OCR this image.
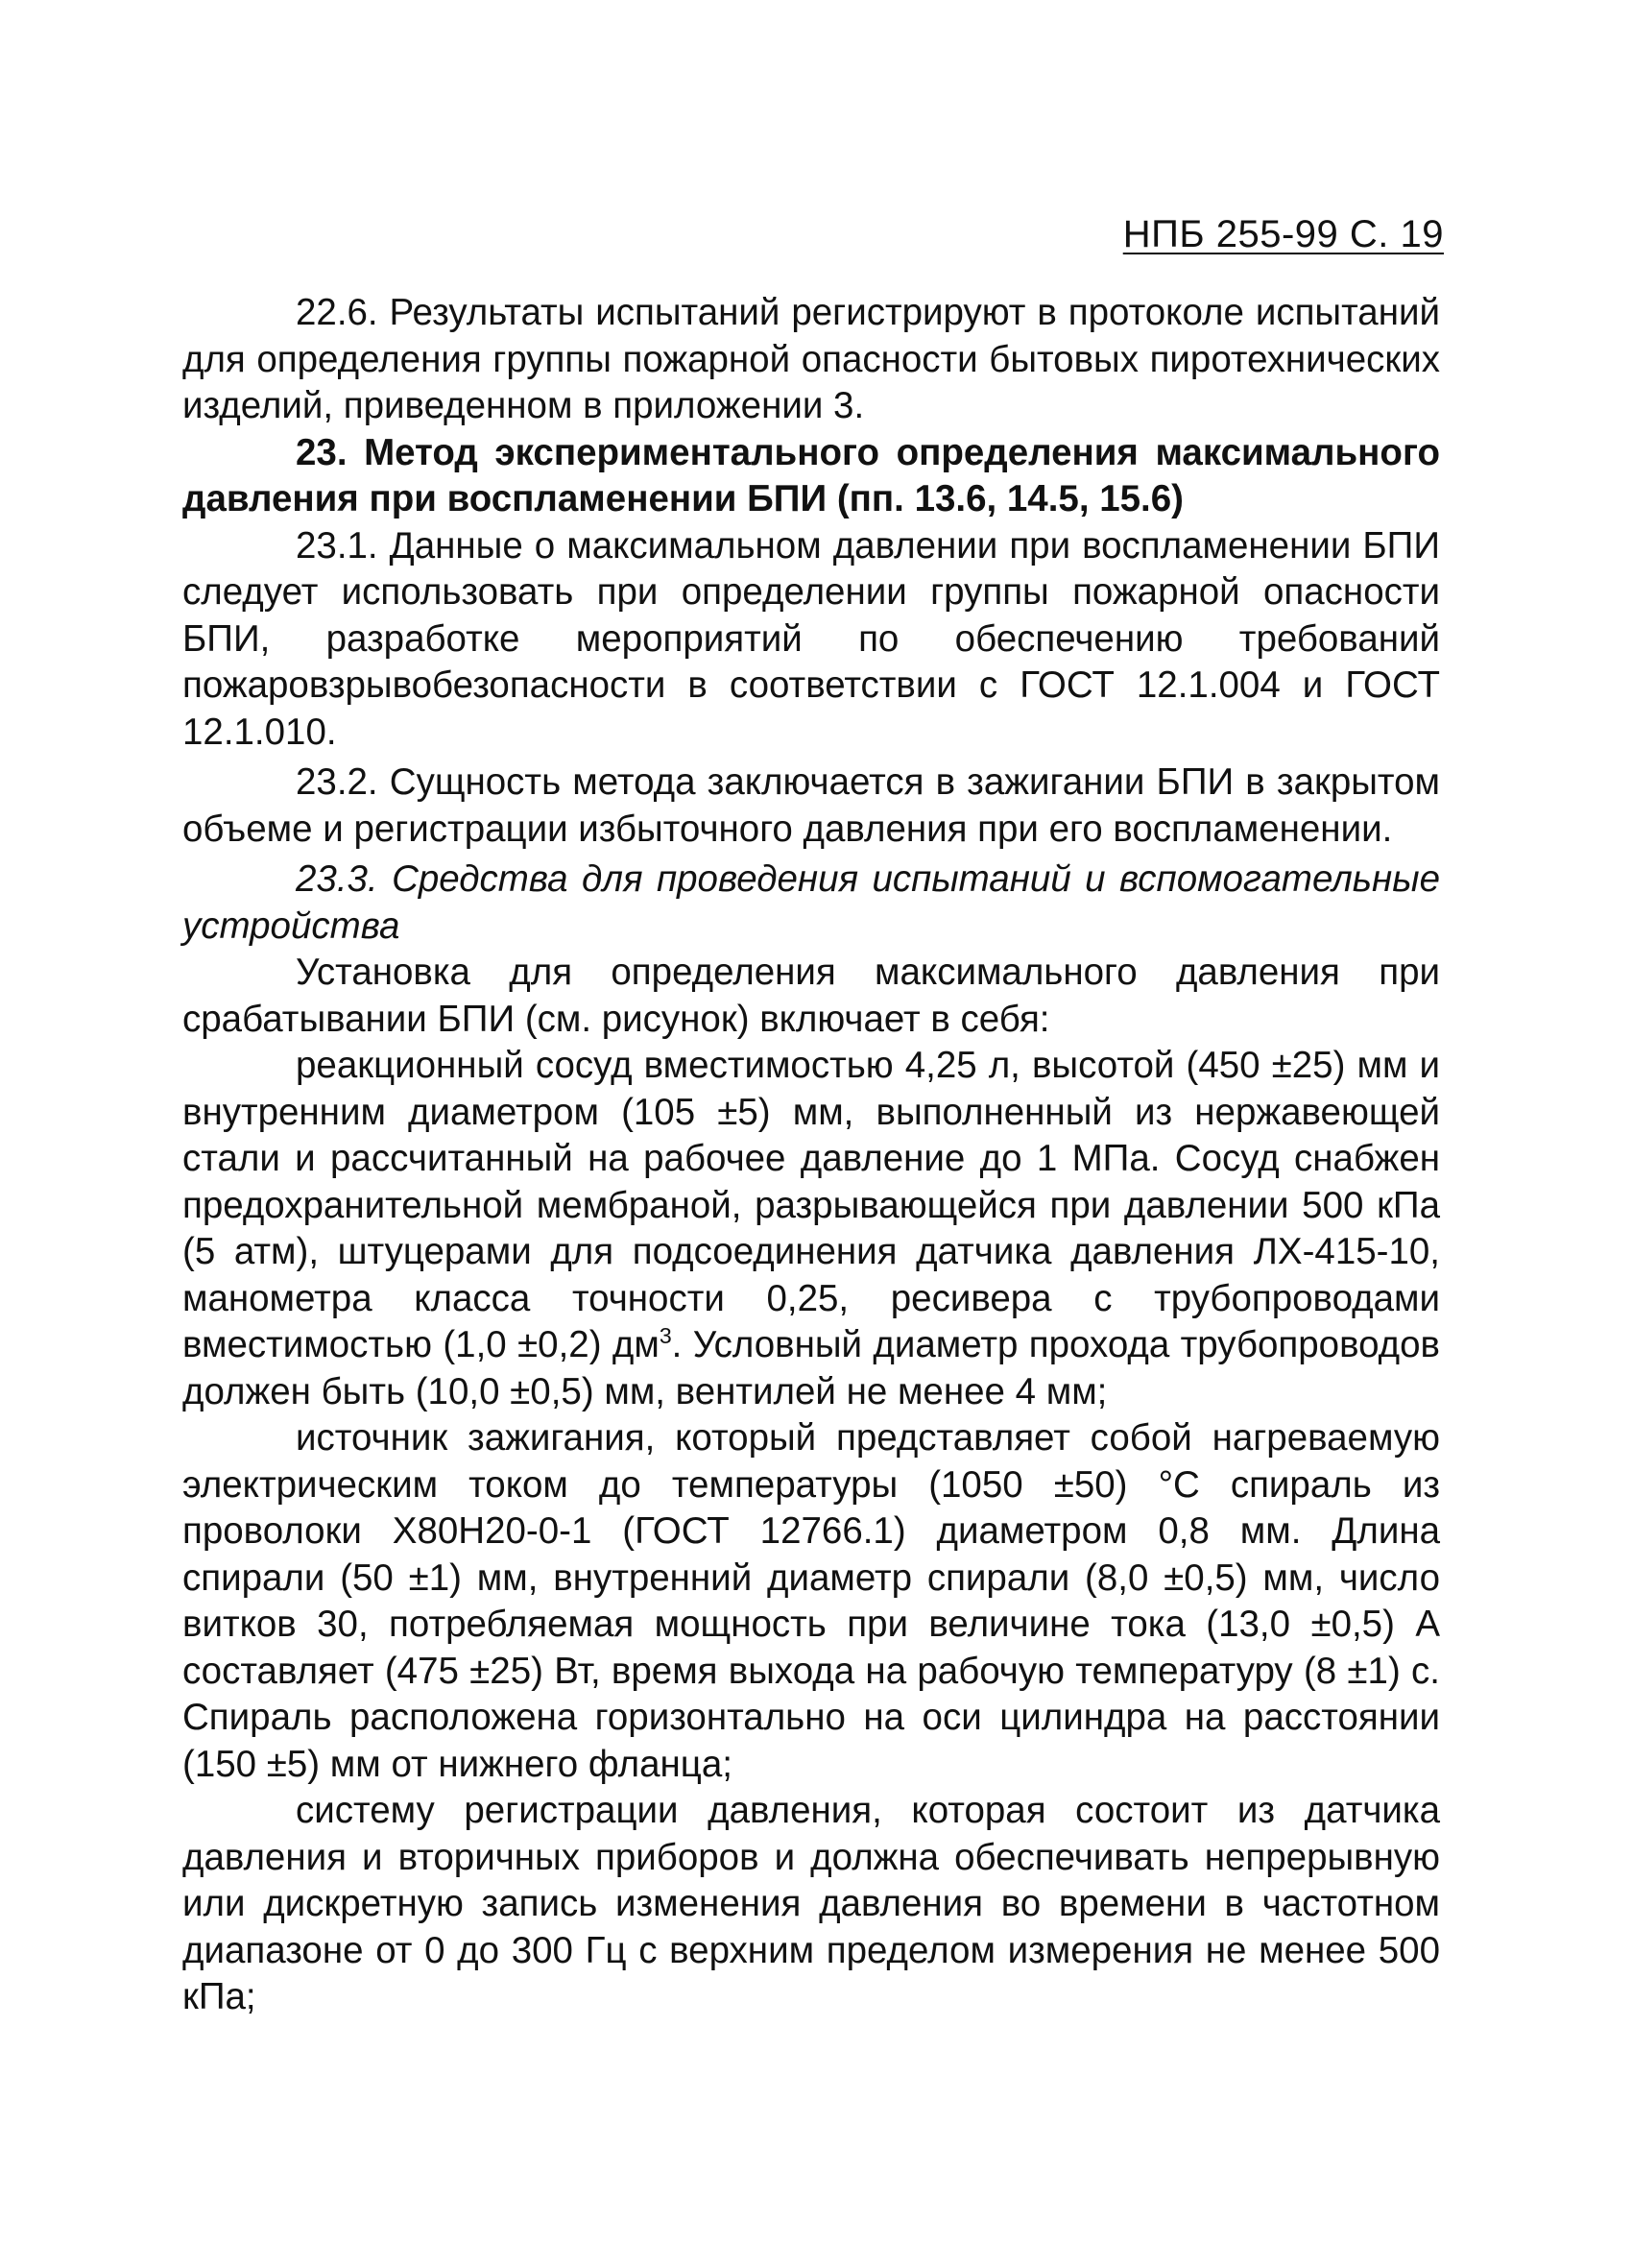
НПБ 255-99 С. 19

22.6. Результаты испытаний регистрируют в протоколе испытаний для определения группы пожарной опасности бытовых пиротехнических изделий, приведенном в приложении 3.

23. Метод экспериментального определения максимального давления при воспламенении БПИ (пп. 13.6, 14.5, 15.6)

23.1. Данные о максимальном давлении при воспламенении БПИ следует использовать при определении группы пожарной опасности БПИ, разработке мероприятий по обеспечению требований пожаровзрывобезопасности в соответствии с ГОСТ 12.1.004 и ГОСТ 12.1.010.

23.2. Сущность метода заключается в зажигании БПИ в закрытом объеме и регистрации избыточного давления при его воспламенении.

23.3. Средства для проведения испытаний и вспомогательные устройства

Установка для определения максимального давления при срабатывании БПИ (см. рисунок) включает в себя:

реакционный сосуд вместимостью 4,25 л, высотой (450 ±25) мм и внутренним диаметром (105 ±5) мм, выполненный из нержавеющей стали и рассчитанный на рабочее давление до 1 МПа. Сосуд снабжен предохранительной мембраной, разрывающейся при давлении 500 кПа (5 атм), штуцерами для подсоединения датчика давления ЛХ-415-10, манометра класса точности 0,25, ресивера с трубопроводами вместимостью (1,0 ±0,2) $дм^3$. Условный диаметр прохода трубопроводов должен быть (10,0 ±0,5) мм, вентилей не менее 4 мм;

источник зажигания, который представляет собой нагреваемую электрическим током до температуры (1050 ±50) °С спираль из проволоки Х80Н20-0-1 (ГОСТ 12766.1) диаметром 0,8 мм. Длина спирали (50 ±1) мм, внутренний диаметр спирали (8,0 ±0,5) мм, число витков 30, потребляемая мощность при величине тока (13,0 ±0,5) А составляет (475 ±25) Вт, время выхода на рабочую температуру (8 ±1) с. Спираль расположена горизонтально на оси цилиндра на расстоянии (150 ±5) мм от нижнего фланца;

систему регистрации давления, которая состоит из датчика давления и вторичных приборов и должна обеспечивать непрерывную или дискретную запись изменения давления во времени в частотном диапазоне от 0 до 300 Гц с верхним пределом измерения не менее 500 кПа;
